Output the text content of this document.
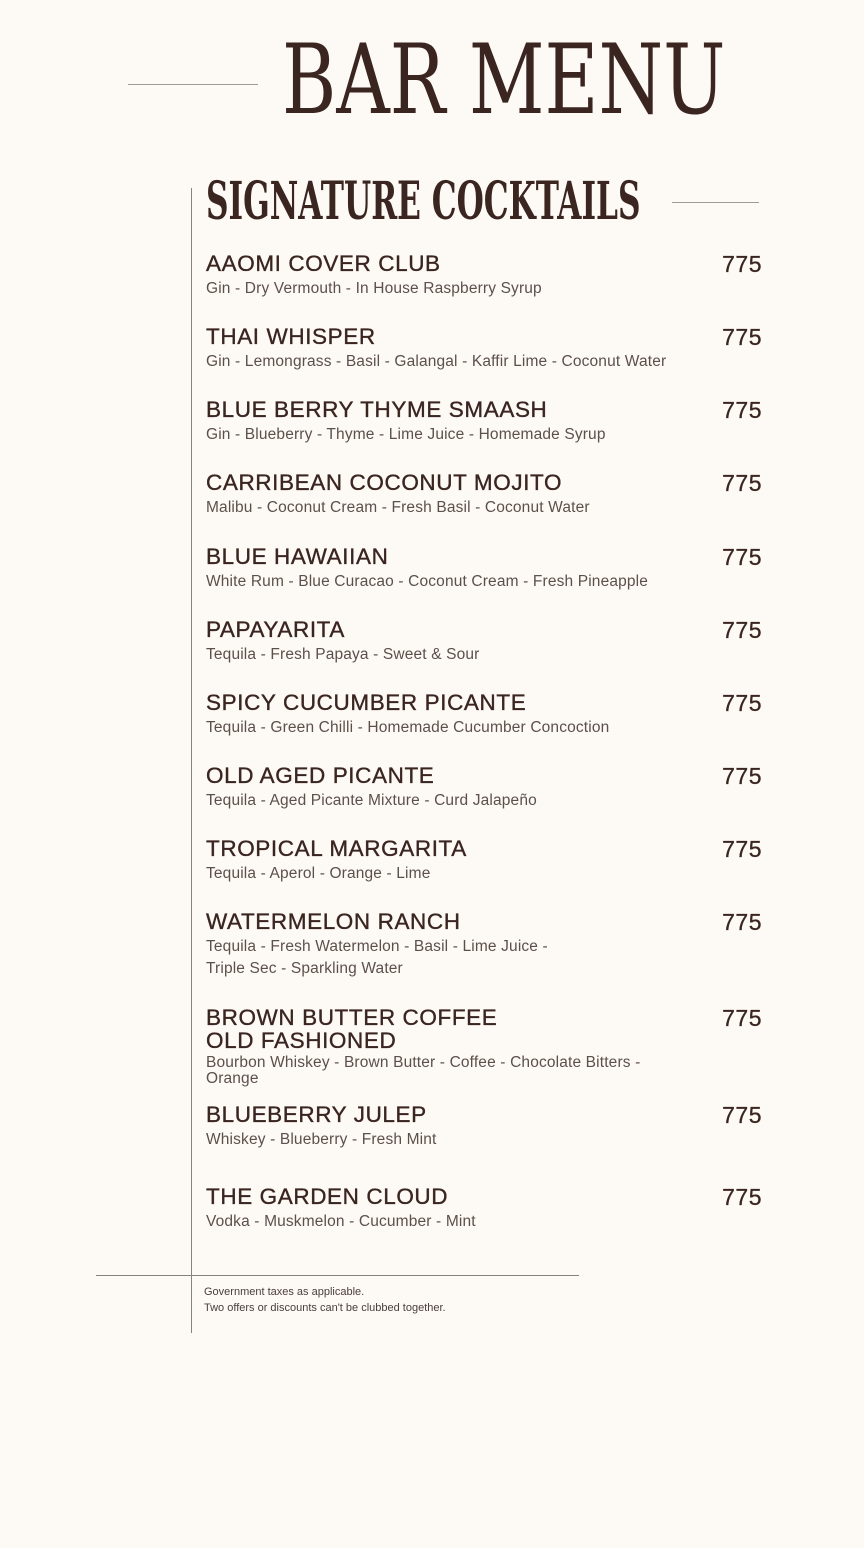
BAR MENU
SIGNATURE COCKTAILS
AAOMI COVER CLUB	775
Gin - Dry Vermouth - In House Raspberry Syrup
THAI WHISPER	775
Gin - Lemongrass - Basil - Galangal - Kaffir Lime - Coconut Water
BLUE BERRY THYME SMAASH	775
Gin - Blueberry - Thyme - Lime Juice - Homemade Syrup
CARRIBEAN COCONUT MOJITO	775
Malibu - Coconut Cream - Fresh Basil - Coconut Water
BLUE HAWAIIAN	775
White Rum - Blue Curacao - Coconut Cream - Fresh Pineapple
PAPAYARITA	775
Tequila - Fresh Papaya - Sweet & Sour
SPICY CUCUMBER PICANTE	775
Tequila - Green Chilli - Homemade Cucumber Concoction
OLD AGED PICANTE	775
Tequila - Aged Picante Mixture - Curd Jalapeño
TROPICAL MARGARITA	775
Tequila - Aperol - Orange - Lime
WATERMELON RANCH	775
Tequila - Fresh Watermelon - Basil - Lime Juice -
Triple Sec - Sparkling Water
BROWN BUTTER COFFEE
OLD FASHIONED
775
Bourbon Whiskey - Brown Butter - Coffee - Chocolate Bitters -
Orange
BLUEBERRY JULEP	775
Whiskey - Blueberry - Fresh Mint
THE GARDEN CLOUD	775
Vodka - Muskmelon - Cucumber - Mint
Government taxes as applicable.
Two offers or discounts can't be clubbed together.
